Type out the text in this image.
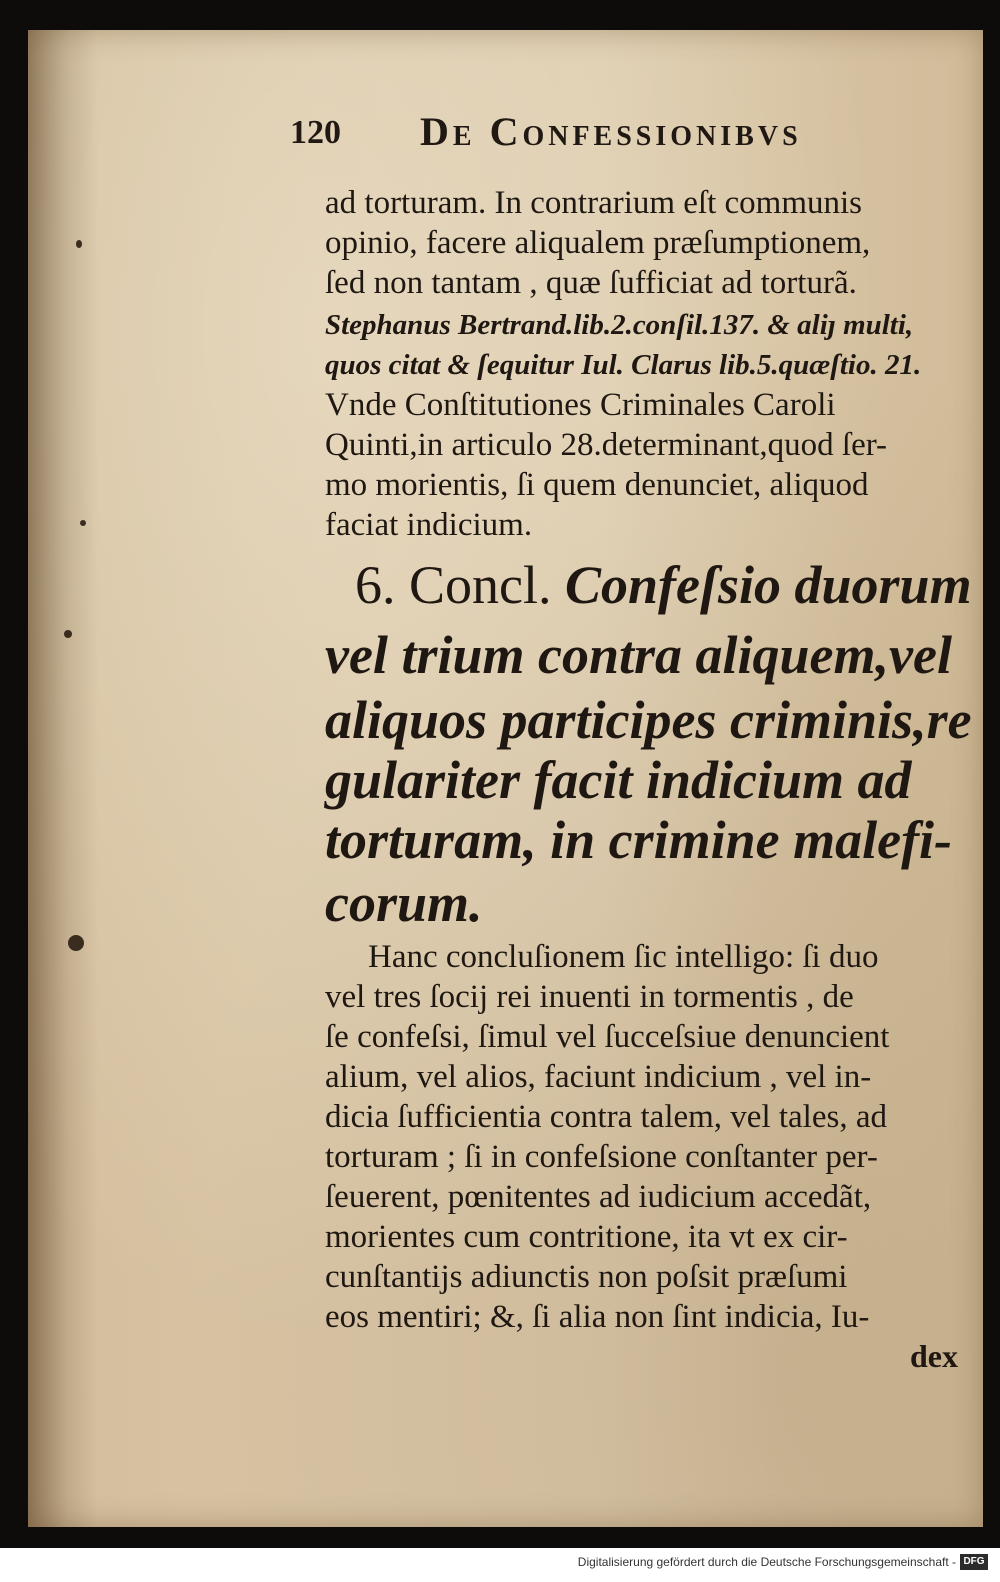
120 De Confessionibvs
ad torturam. In contrarium eſt communis
opinio, facere aliqualem præſumptionem,
ſed non tantam , quæ ſufficiat ad torturã.
Stephanus Bertrand.lib.2.conſil.137. & aliȷ multi,
quos citat & ſequitur Iul. Clarus lib.5.quæſtio. 21.
Vnde Conſtitutiones Criminales Caroli
Quinti,in articulo 28.determinant,quod ſer-
mo morientis, ſi quem denunciet, aliquod
faciat indicium.
6. Concl. Confeſsio duorum
vel trium contra aliquem,vel
aliquos participes criminis,re
gulariter facit indicium ad
torturam, in crimine malefi-
corum.
Hanc concluſionem ſic intelligo: ſi duo
vel tres ſocij rei inuenti in tormentis , de
ſe confeſsi, ſimul vel ſucceſsiue denuncient
alium, vel alios, faciunt indicium , vel in-
dicia ſufficientia contra talem, vel tales, ad
torturam ; ſi in confeſsione conſtanter per-
ſeuerent, pœnitentes ad iudicium accedãt,
morientes cum contritione, ita vt ex cir-
cunſtantijs adiunctis non poſsit præſumi
eos mentiri; &, ſi alia non ſint indicia, Iu-
dex
Digitalisierung gefördert durch die Deutsche Forschungsgemeinschaft - DFG
